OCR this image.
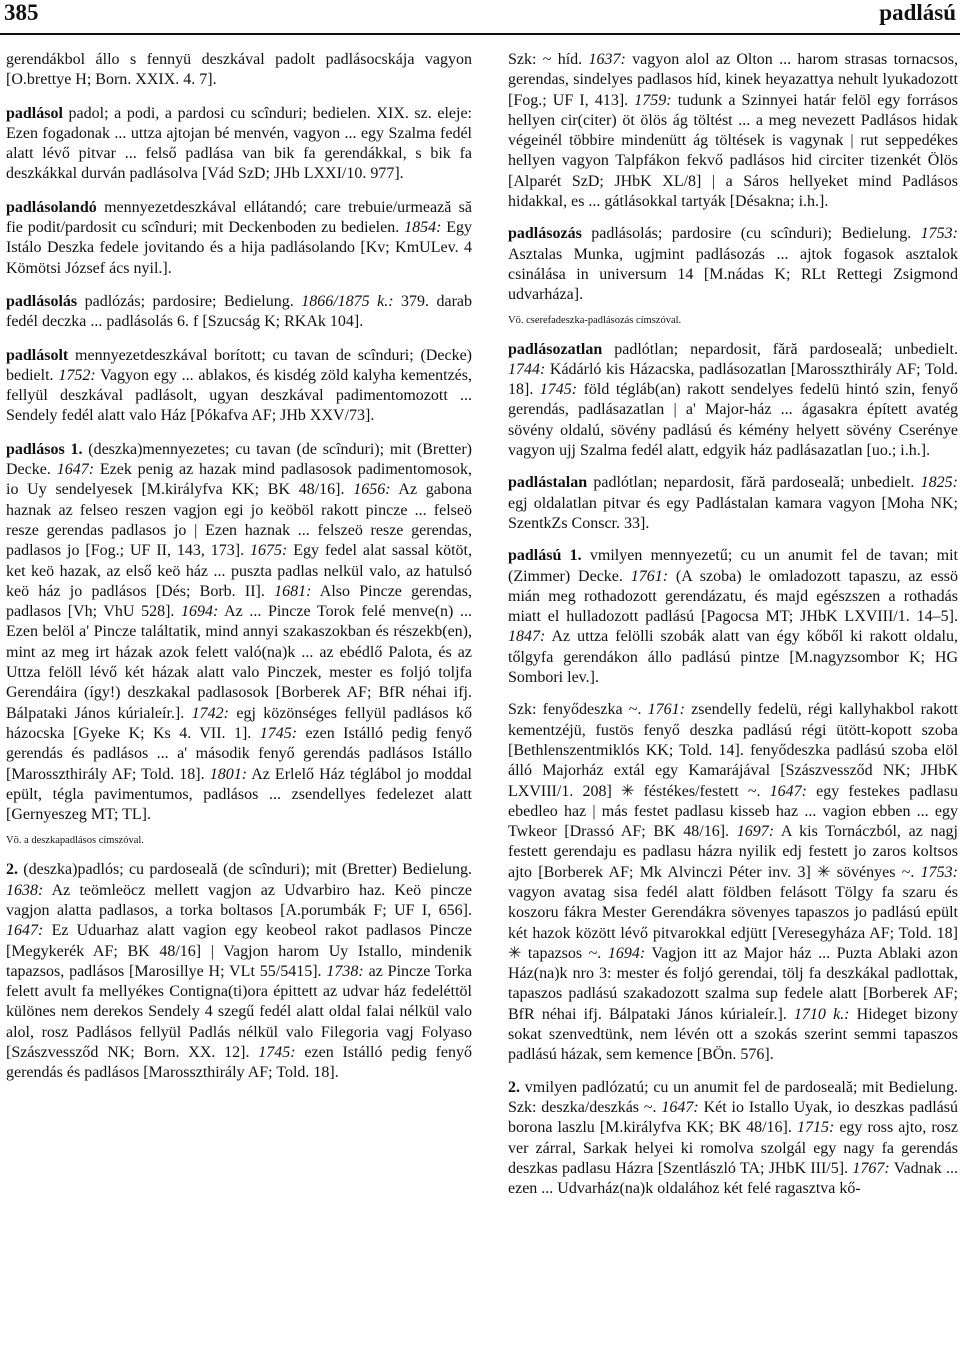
385	padlású

gerendákbol állo s fennyü deszkával padolt padlásocskája vagyon [O.brettye H; Born. XXIX. 4. 7].

padlásol padol; a podi, a pardosi cu scînduri; bedielen. XIX. sz. eleje: Ezen fogadonak ... uttza ajtojan bé menvén, vagyon ... egy Szalma fedél alatt lévő pitvar ... felső padlása van bik fa gerendákkal, s bik fa deszkákkal durván padlásolva [Vád SzD; JHb LXXI/10. 977].

padlásolandó mennyezetdeszkával ellátandó; care trebuie/urmează să fie podit/pardosit cu scînduri; mit Deckenboden zu bedielen. 1854: Egy Istálo Deszka fedele jovitando és a hija padlásolando [Kv; KmULev. 4 Kömötsi József ács nyil.].

padlásolás padlózás; pardosire; Bedielung. 1866/1875 k.: 379. darab fedél deczka ... padlásolás 6. f [Szucság K; RKAk 104].

padlásolt mennyezetdeszkával borított; cu tavan de scînduri; (Decke) bedielt. 1752: Vagyon egy ... ablakos, és kisdég zöld kalyha kementzés, fellyül deszkával padlásolt, ugyan deszkával padimentomozott ... Sendely fedél alatt valo Ház [Pókafva AF; JHb XXV/73].

padlásos 1. (deszka)mennyezetes; cu tavan (de scînduri); mit (Bretter) Decke. 1647: Ezek penig az hazak mind padlasosok padimentomosok, io Uy sendelyesek [M.királyfva KK; BK 48/16]. 1656: Az gabona haznak az felseo reszen vagjon egi jo keöböl rakott pincze ... felseö resze gerendas padlasos jo | Ezen haznak ... felszeö resze gerendas, padlasos jo [Fog.; UF II, 143, 173]. 1675: Egy fedel alat sassal kötöt, ket keö hazak, az első keö ház ... puszta padlas nelkül valo, az hatulsó keö ház jo padlásos [Dés; Borb. II]. 1681: Also Pincze gerendas, padlasos [Vh; VhU 528]. 1694: Az ... Pincze Torok felé menve(n) ... Ezen belöl a' Pincze találtatik, mind annyi szakaszokban és részekb(en), mint az meg irt házak azok felett való(na)k ... az ebédlő Palota, és az Uttza felöll lévő két házak alatt valo Pinczek, mester es foljó toljfa Gerendáira (így!) deszkakal padlasosok [Borberek AF; BfR néhai ifj. Bálpataki János kúrialeír.]. 1742: egj közönséges fellyül padlásos kő házocska [Gyeke K; Ks 4. VII. 1]. 1745: ezen Istálló pedig fenyő gerendás és padlásos ... a' második fenyő gerendás padlásos Istállo [Marosszthirály AF; Told. 18]. 1801: Az Erlelő Ház téglábol jo moddal epült, tégla pavimentumos, padlásos ... zsendellyes fedelezet alatt [Gernyeszeg MT; TL].

Vö. a deszkapadlásos címszóval.

2. (deszka)padlós; cu pardoseală (de scînduri); mit (Bretter) Bedielung. 1638: Az teömleöcz mellett vagjon az Udvarbiro haz. Keö pincze vagjon alatta padlasos, a torka boltasos [A.porumbák F; UF I, 656]. 1647: Ez Uduarhaz alatt vagion egy keobeol rakot padlasos Pincze [Megykerék AF; BK 48/16] | Vagjon harom Uy Istallo, mindenik tapazsos, padlásos [Marosillye H; VLt 55/5415]. 1738: az Pincze Torka felett avult fa mellyékes Contigna(ti)ora épittett az udvar ház fedeléttöl különes nem derekos Sendely 4 szegű fedél alatt oldal falai nélkül valo alol, rosz Padlásos fellyül Padlás nélkül valo Filegoria vagj Folyaso [Szászvessződ NK; Born. XX. 12]. 1745: ezen Istálló pedig fenyő gerendás és padlásos [Marosszthirály AF; Told. 18].

Szk: ~ híd. 1637: vagyon alol az Olton ... harom strasas tornacsos, gerendas, sindelyes padlasos híd, kinek heyazattya nehult lyukadozott [Fog.; UF I, 413]. 1759: tudunk a Szinnyei határ felöl egy forrásos hellyen cir(citer) öt ölös ág töltést ... a meg nevezett Padlásos hidak végeinél többire mindenütt ág töltések is vagynak | rut seppedékes hellyen vagyon Talpfákon fekvő padlásos hid circiter tizenkét Ölös [Alparét SzD; JHbK XL/8] | a Sáros hellyeket mind Padlásos hidakkal, es ... gátlásokkal tartyák [Désakna; i.h.].

padlásozás padlásolás; pardosire (cu scînduri); Bedielung. 1753: Asztalas Munka, ugjmint padlásozás ... ajtok fogasok asztalok csinálása in universum 14 [M.nádas K; RLt Rettegi Zsigmond udvarháza].

Vö. cserefadeszka-padlásozás címszóval.

padlásozatlan padlótlan; nepardosit, fără pardoseală; unbedielt. 1744: Kádárló kis Házacska, padlásozatlan [Marosszthirály AF; Told. 18]. 1745: föld tégláb(an) rakott sendelyes fedelü hintó szin, fenyő gerendás, padlásazatlan | a' Major-ház ... ágasakra épített avatég sövény oldalú, sövény padlású és kémény helyett sövény Cserénye vagyon ujj Szalma fedél alatt, edgyik ház padlásazatlan [uo.; i.h.].

padlástalan padlótlan; nepardosit, fără pardoseală; unbedielt. 1825: egj oldalatlan pitvar és egy Padlástalan kamara vagyon [Moha NK; SzentkZs Conscr. 33].

padlású 1. vmilyen mennyezetű; cu un anumit fel de tavan; mit (Zimmer) Decke. 1761: (A szoba) le omladozott tapaszu, az essö mián meg rothadozott gerendázatu, és majd egészszen a rothadás miatt el hulladozott padlású [Pagocsa MT; JHbK LXVIII/1. 14–5]. 1847: Az uttza felölli szobák alatt van égy kőből ki rakott oldalu, tőlgyfa gerendákon állo padlású pintze [M.nagyzsombor K; HG Sombori lev.].

Szk: fenyődeszka ~. 1761: zsendelly fedelü, régi kallyhakbol rakott kementzéjü, fustös fenyő deszka padlású régi ütött-kopott szoba [Bethlenszentmiklós KK; Told. 14]. fenyődeszka padlású szoba elöl álló Majorház extál egy Kamarájával [Szászvessződ NK; JHbK LXVIII/1. 208] ✳ féstékes/festett ~. 1647: egy festekes padlasu ebedleo haz | más festet padlasu kisseb haz ... vagion ebben ... egy Twkeor [Drassó AF; BK 48/16]. 1697: A kis Tornáczból, az nagj festett gerendaju es padlasu házra nyilik edj festett jo zaros koltsos ajto [Borberek AF; Mk Alvinczi Péter inv. 3] ✳ sövényes ~. 1753: vagyon avatag sisa fedél alatt földben felásott Tölgy fa szaru és koszoru fákra Mester Gerendákra sövenyes tapaszos jo padlású epült két hazok között lévő pitvarokkal edjütt [Veresegyháza AF; Told. 18] ✳ tapazsos ~. 1694: Vagjon itt az Major ház ... Puzta Ablaki azon Ház(na)k nro 3: mester és foljó gerendai, tölj fa deszkákal padlottak, tapaszos padlású szakadozott szalma sup fedele alatt [Borberek AF; BfR néhai ifj. Bálpataki János kúrialeír.]. 1710 k.: Hideget bizony sokat szenvedtünk, nem lévén ott a szokás szerint semmi tapaszos padlású házak, sem kemence [BÖn. 576].

2. vmilyen padlózatú; cu un anumit fel de pardoseală; mit Bedielung. Szk: deszka/deszkás ~. 1647: Két io Istallo Uyak, io deszkas padlású borona laszlu [M.királyfva KK; BK 48/16]. 1715: egy ross ajto, rosz ver zárral, Sarkak helyei ki romolva szolgál egy nagy fa gerendás deszkas padlasu Házra [Szentlászló TA; JHbK III/5]. 1767: Vadnak ... ezen ... Udvarház(na)k oldalához két felé ragasztva kő-
